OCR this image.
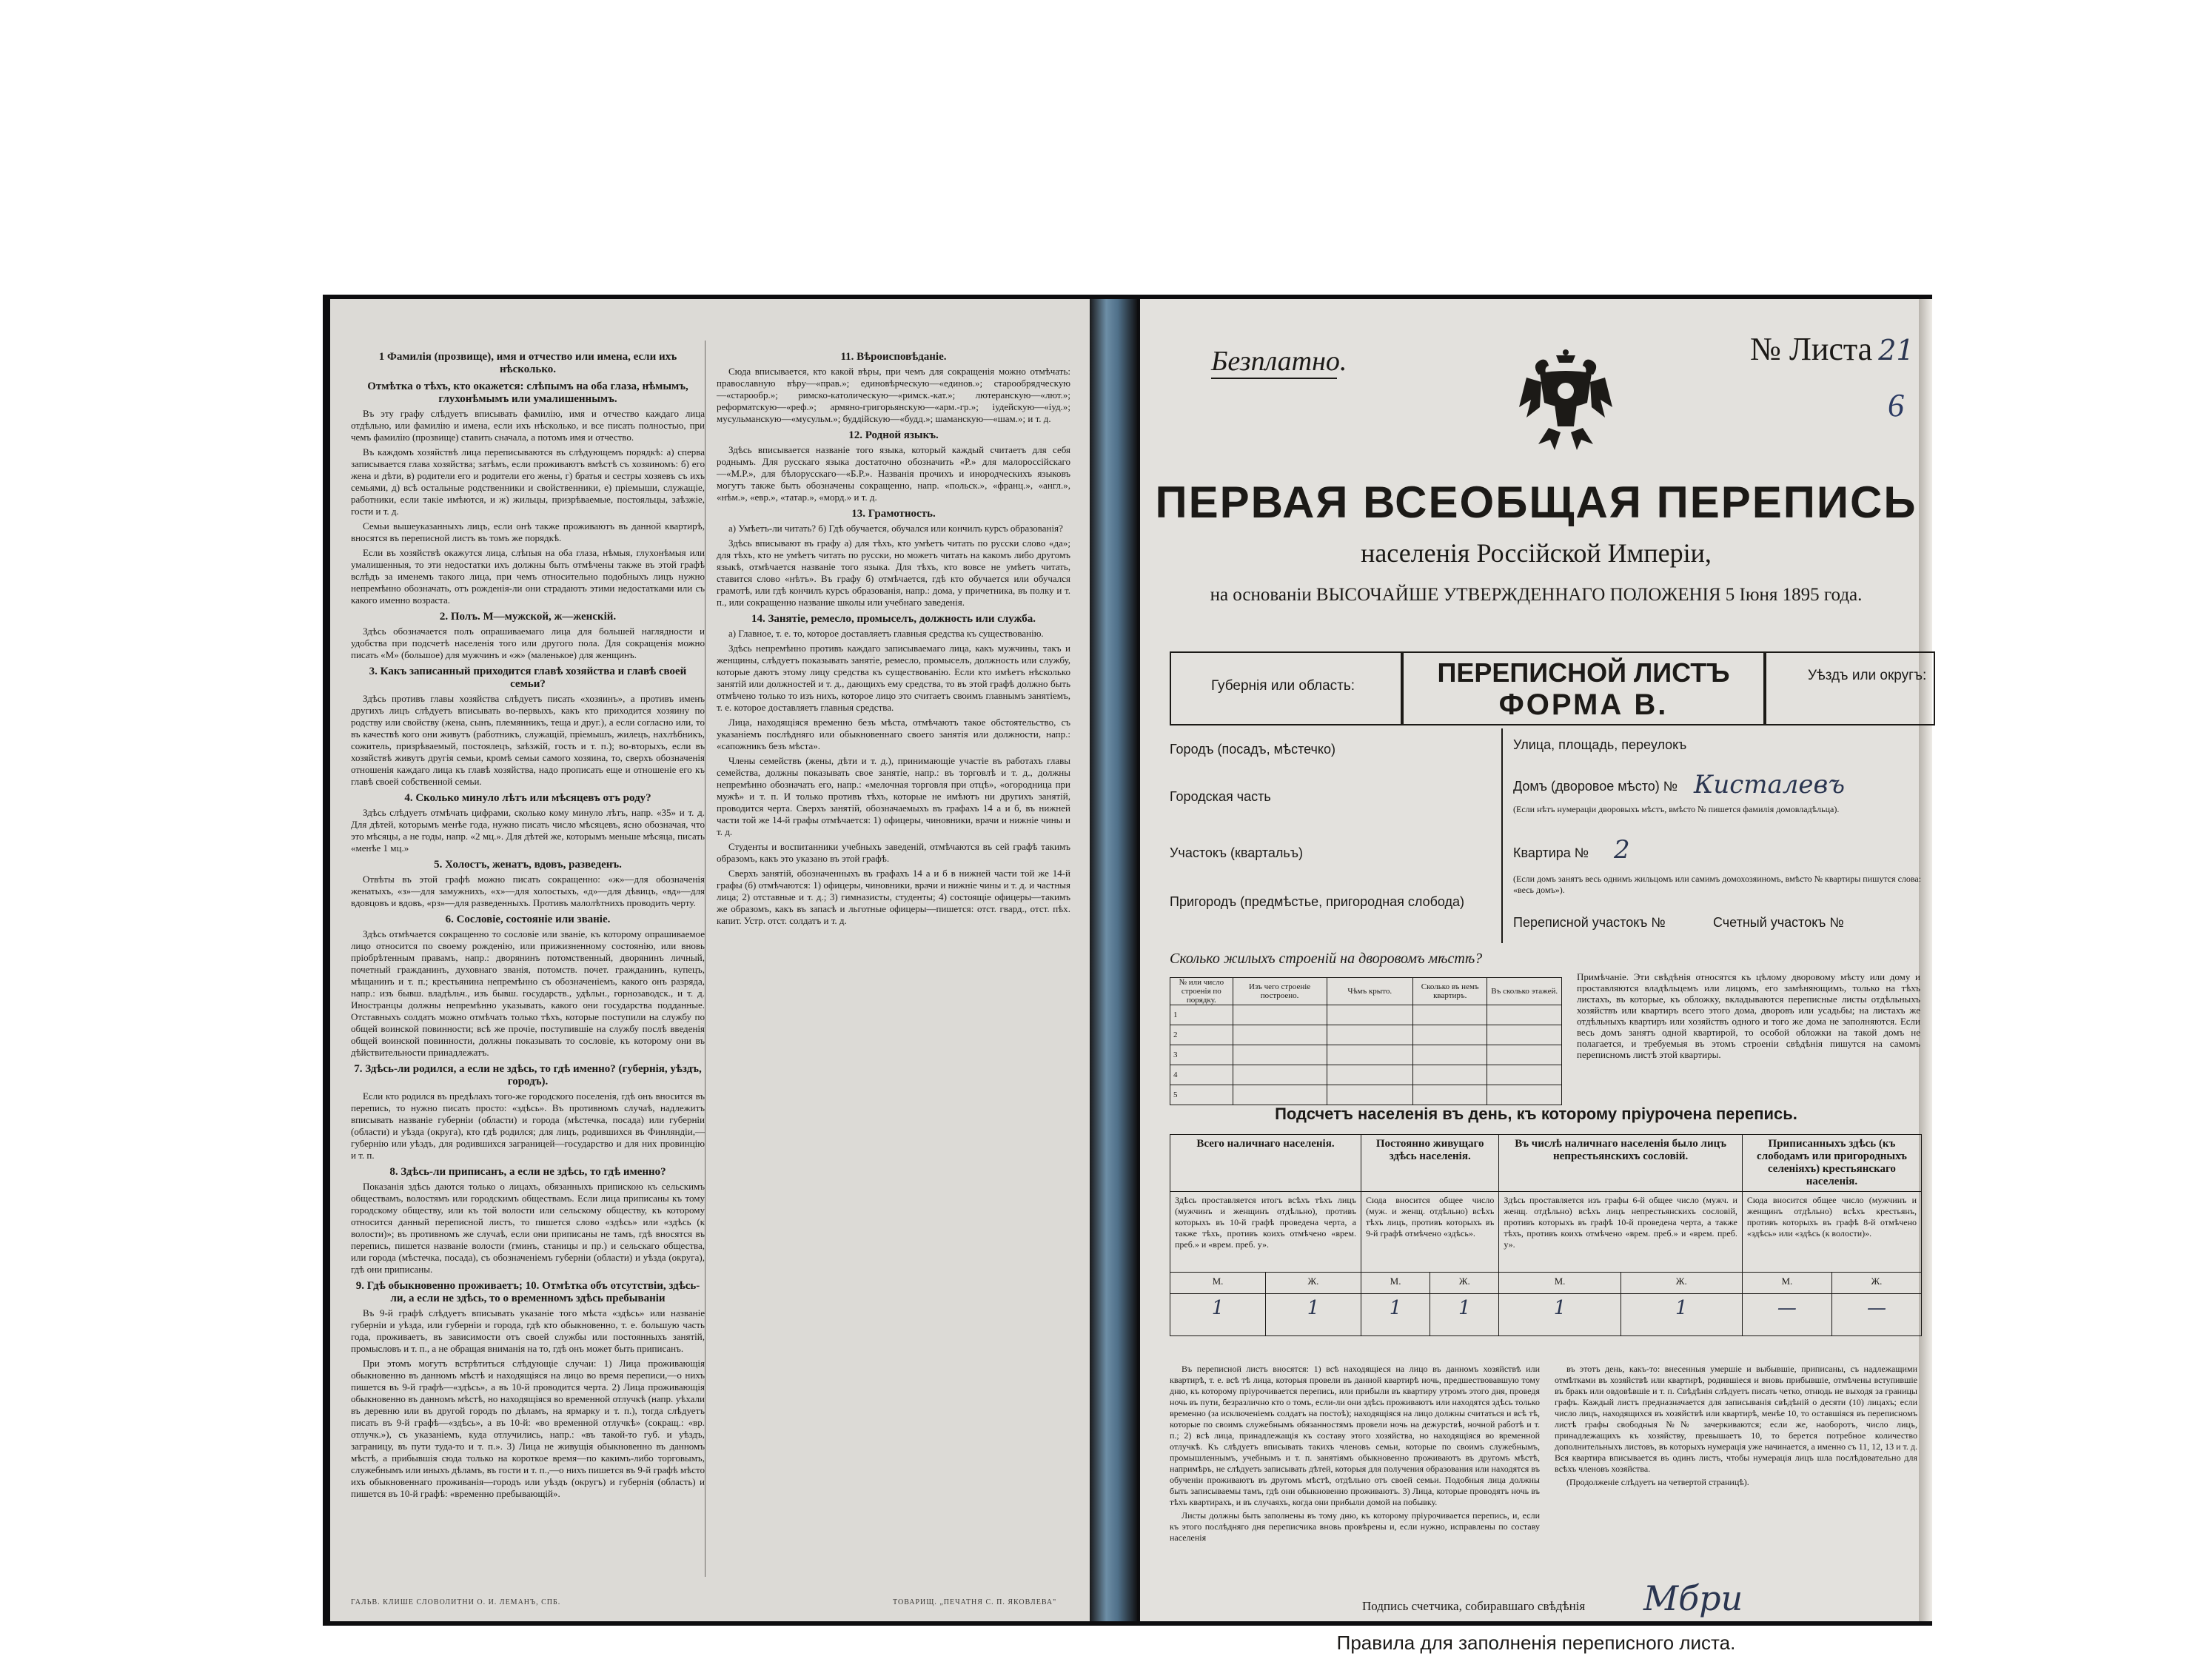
1 Фамилія (прозвище), имя и отчество или имена, если ихъ нѣсколько.
Отмѣтка о тѣхъ, кто окажется: слѣпымъ на оба глаза, нѣмымъ, глухонѣмымъ или умалишеннымъ.

Въ эту графу слѣдуетъ вписывать фамилію, имя и отчество каждаго лица отдѣльно, или фамилію и имена, если ихъ нѣсколько, и все писать полностью, при чемъ фамилію (прозвище) ставить сначала, а потомъ имя и отчество.

Въ каждомъ хозяйствѣ лица переписываются въ слѣдующемъ порядкѣ: а) сперва записывается глава хозяйства; затѣмъ, если проживаютъ вмѣстѣ съ хозяиномъ: б) его жена и дѣти, в) родители его и родители его жены, г) братья и сестры хозяевъ съ ихъ семьями, д) всѣ остальные родственники и свойственники, е) пріемыши, служащіе, работники, если такiе имѣются, и ж) жильцы, призрѣваемые, постояльцы, заѣзжіе, гости и т. д.

Семьи вышеуказанныхъ лицъ, если онѣ также проживаютъ въ данной квартирѣ, вносятся въ переписной листъ въ томъ же порядкѣ.

Если въ хозяйствѣ окажутся лица, слѣпыя на оба глаза, нѣмыя, глухонѣмыя или умалишенныя, то эти недостатки ихъ должны быть отмѣчены также въ этой графѣ вслѣдъ за именемъ такого лица, при чемъ относительно подобныхъ лицъ нужно непремѣнно обозначать, отъ рожденія-ли они страдаютъ этими недостатками или съ какого именно возраста.

2. Полъ. М—мужской, ж—женскій.

Здѣсь обозначается полъ опрашиваемаго лица для большей наглядности и удобства при подсчетѣ населенія того или другого пола. Для сокращенія можно писать «М» (большое) для мужчинъ и «ж» (маленькое) для женщинъ.

3. Какъ записанный приходится главѣ хозяйства и главѣ своей семьи?

Здѣсь противъ главы хозяйства слѣдуетъ писать «хозяинъ», а противъ именъ другихъ лицъ слѣдуетъ вписывать во-первыхъ, какъ кто приходится хозяину по родству или свойству (жена, сынъ, племянникъ, теща и друг.), а если согласно или, то въ качествѣ кого они живутъ (работникъ, служащій, пріемышъ, жилецъ, нахлѣбникъ, сожитель, призрѣваемый, постоялецъ, заѣзжій, гость и т. п.); во-вторыхъ, если въ хозяйствѣ живутъ другія семьи, кромѣ семьи самого хозяина, то, сверхъ обозначенія отношенія каждаго лица къ главѣ хозяйства, надо прописать еще и отношеніе его къ главѣ своей собственной семьи.

4. Сколько минуло лѣтъ или мѣсяцевъ отъ роду?

Здѣсь слѣдуетъ отмѣчать цифрами, сколько кому минуло лѣтъ, напр. «35» и т. д. Для дѣтей, которымъ менѣе года, нужно писать число мѣсяцевъ, ясно обозначая, что это мѣсяцы, а не годы, напр. «2 мц.». Для дѣтей же, которымъ меньше мѣсяца, писать «менѣе 1 мц.»

5. Холостъ, женатъ, вдовъ, разведенъ.

Отвѣты въ этой графѣ можно писать сокращенно: «ж»—для обозначенія женатыхъ, «з»—для замужнихъ, «х»—для холостыхъ, «д»—для дѣвицъ, «вд»—для вдовцовъ и вдовъ, «рз»—для разведенныхъ. Противъ малолѣтнихъ проводить черту.

6. Сословіе, состояніе или званіе.

Здѣсь отмѣчается сокращенно то сословіе или званіе, къ которому опрашиваемое лицо относится по своему рожденію, или прижизненному состоянію, или вновь пріобрѣтенным правамъ, напр.: дворянинъ потомственный, дворянинъ личный, почетный гражданинъ, духовнаго званія, потомств. почет. гражданинъ, купецъ, мѣщанинъ и т. п.; крестьянина непремѣнно съ обозначеніемъ, какого онъ разряда, напр.: изъ бывш. владѣльч., изъ бывш. государств., удѣльн., горнозаводск., и т. д. Иностранцы должны непремѣнно указывать, какого они государства подданные. Отставныхъ солдатъ можно отмѣчать только тѣхъ, которые поступили на службу по общей воинской повинности; всѣ же прочіе, поступившіе на службу послѣ введенія общей воинской повинности, должны показывать то сословіе, къ которому они въ дѣйствительности принадлежатъ.

7. Здѣсь-ли родился, а если не здѣсь, то гдѣ именно? (губернія, уѣздъ, городъ).

Если кто родился въ предѣлахъ того-же городского поселенія, гдѣ онъ вносится въ перепись, то нужно писать просто: «здѣсь». Въ противномъ случаѣ, надлежитъ вписывать названіе губерніи (области) и города (мѣстечка, посада) или губерніи (области) и уѣзда (округа), кто гдѣ родился; для лицъ, родившихся въ Финляндіи,—губернію или уѣздъ, для родившихся заграницей—государство и для них провинцію и т. п.

8. Здѣсь-ли приписанъ, а если не здѣсь, то гдѣ именно?

Показанія здѣсь даются только о лицахъ, обязанныхъ припискою къ сельскимъ обществамъ, волостямъ или городскимъ обществамъ. Если лица приписаны къ тому городскому обществу, или къ той волости или сельскому обществу, къ которому относится данный переписной листъ, то пишется слово «здѣсь» или «здѣсь (к волости)»; въ противномъ же случаѣ, если они приписаны не тамъ, гдѣ вносятся въ перепись, пишется названіе волости (гминъ, станицы и пр.) и сельскаго общества, или города (мѣстечка, посада), съ обозначеніемъ губерніи (области) и уѣзда (округа), гдѣ они приписаны.

9. Гдѣ обыкновенно проживаетъ; 10. Отмѣтка объ отсутствіи, здѣсь-ли, а если не здѣсь, то о временномъ здѣсь пребываніи

Въ 9-й графѣ слѣдуетъ вписывать указаніе того мѣста «здѣсь» или названіе губерніи и уѣзда, или губерніи и города, гдѣ кто обыкновенно, т. е. большую часть года, проживаетъ, въ зависимости отъ своей службы или постоянныхъ занятій, промысловъ и т. п., а не обращая вниманія на то, гдѣ онъ может быть приписанъ.

При этомъ могутъ встрѣтиться слѣдующіе случаи: 1) Лица проживающія обыкновенно въ данномъ мѣстѣ и находящіяся на лицо во время переписи,—о нихъ пишется въ 9-й графѣ—«здѣсь», а въ 10-й проводится черта. 2) Лица проживающія обыкновенно въ данномъ мѣстѣ, но находящіяся во временной отлучкѣ (напр. уѣхали въ деревню или въ другой городъ по дѣламъ, на ярмарку и т. п.), тогда слѣдуетъ писать въ 9-й графѣ—«здѣсь», а въ 10-й: «во временной отлучкѣ» (сокращ.: «вр. отлучк.»), съ указаніемъ, куда отлучились, напр.: «въ такой-то губ. и уѣздъ, заграницу, въ пути туда-то и т. п.». 3) Лица не живущія обыкновенно въ данномъ мѣстѣ, а прибывшія сюда только на короткое время—по какимъ-либо торговымъ, служебнымъ или иныхъ дѣламъ, въ гости и т. п.,—о нихъ пишется въ 9-й графѣ мѣсто ихъ обыкновеннаго проживанія—городъ или уѣздъ (округъ) и губернія (область) и пишется въ 10-й графѣ: «временно пребывающій».

11. Вѣроисповѣданіе.

Сюда вписывается, кто какой вѣры, при чемъ для сокращенія можно отмѣчать: православную вѣру—«прав.»; единовѣрческую—«единов.»; старообрядческую—«старообр.»; римско-католическую—«римск.-кат.»; лютеранскую—«лют.»; реформатскую—«реф.»; армяно-григорьянскую—«арм.-гр.»; іудейскую—«іуд.»; мусульманскую—«мусульм.»; буддійскую—«будд.»; шаманскую—«шам.»; и т. д.

12. Родной языкъ.

Здѣсь вписывается названіе того языка, который каждый считаетъ для себя роднымъ. Для русскаго языка достаточно обозначить «Р.» для малороссійскаго—«М.Р.», для бѣлорусскаго—«Б.Р.». Названія прочихъ и инородческихъ языковъ могутъ также быть обозначены сокращенно, напр. «польск.», «франц.», «англ.», «нѣм.», «евр.», «татар.», «морд.» и т. д.

13. Грамотность.

а) Умѣетъ-ли читать? б) Гдѣ обучается, обучался или кончилъ курсъ образованія?

Здѣсь вписывают въ графу а) для тѣхъ, кто умѣетъ читать по русски слово «да»; для тѣхъ, кто не умѣетъ читать по русски, но можетъ читать на какомъ либо другомъ языкѣ, отмѣчается названіе того языка. Для тѣхъ, кто вовсе не умѣетъ читать, ставится слово «нѣтъ». Въ графу б) отмѣчается, гдѣ кто обучается или обучался грамотѣ, или гдѣ кончилъ курсъ образованія, напр.: дома, у причетника, въ полку и т. п., или сокращенно название школы или учебнаго заведенія.

14. Занятіе, ремесло, промыселъ, должность или служба.

а) Главное, т. е. то, которое доставляетъ главныя средства къ существованію.

Здѣсь непремѣнно противъ каждаго записываемаго лица, какъ мужчины, такъ и женщины, слѣдуетъ показывать занятіе, ремесло, промыселъ, должность или службу, которые даютъ этому лицу средства къ существованію. Если кто имѣетъ нѣсколько занятій или должностей и т. д., дающихъ ему средства, то въ этой графѣ должно быть отмѣчено только то изъ нихъ, которое лицо это считаетъ своимъ главнымъ занятіемъ, т. е. которое доставляетъ главныя средства.

Лица, находящіяся временно безъ мѣста, отмѣчаютъ такое обстоятельство, съ указаніемъ послѣдняго или обыкновеннаго своего занятія или должности, напр.: «сапожникъ безъ мѣста».

Члены семействъ (жены, дѣти и т. д.), принимающіе участіе въ работахъ главы семейства, должны показывать свое занятіе, напр.: въ торговлѣ и т. д., должны непремѣнно обозначать его, напр.: «мелочная торговля при отцѣ», «огородница при мужѣ» и т. п. И только противъ тѣхъ, которые не имѣютъ ни другихъ занятій, проводится черта. Сверхъ занятій, обозначаемыхъ въ графахъ 14 а и б, въ нижней части той же 14-й графы отмѣчается: 1) офицеры, чиновники, врачи и нижніе чины и т. д.

Студенты и воспитанники учебныхъ заведеній, отмѣчаются въ сей графѣ такимъ образомъ, какъ это указано въ этой графѣ.

Сверхъ занятій, обозначенныхъ въ графахъ 14 а и б в нижней части той же 14-й графы (б) отмѣчаются: 1) офицеры, чиновники, врачи и нижніе чины и т. д. и частныя лица; 2) отставные и т. д.; 3) гимназисты, студенты; 4) состоящіе офицеры—такимъ же образомъ, какъ въ запасѣ и льготные офицеры—пишется: отст. гвард., отст. пѣх. капит. Устр. отст. солдатъ и т. д.

ГАЛЬВ. КЛИШЕ СЛОВОЛИТНИ О. И. ЛЕМАНЪ, СПБ.	ТОВАРИЩ. „ПЕЧАТНЯ С. П. ЯКОВЛЕВА"
Безплатно.	№ Листа 21
6
ПЕРВАЯ ВСЕОБЩАЯ ПЕРЕПИСЬ
населенія Россійской Имперіи,
на основаніи ВЫСОЧАЙШЕ УТВЕРЖДЕННАГО ПОЛОЖЕНІЯ 5 Іюня 1895 года.
Губернія или область:	ПЕРЕПИСНОЙ ЛИСТЪ
ФОРМА В.
Уѣздъ или округъ:
Городъ (посадъ, мѣстечко)
Городская часть
Участокъ (квартальъ)
Пригородъ (предмѣстье, пригородная слобода)
Улица, площадь, переулокъ
Домъ (дворовое мѣсто) № Кисталевъ
(Если нѣтъ нумераціи дворовыхъ мѣстъ, вмѣсто № пишется фамилія домовладѣльца).
Квартира № 2
(Если домъ занятъ весь однимъ жильцомъ или самимъ домохозяиномъ, вмѣсто № квартиры пишутся слова: «весь домъ»).
Переписной участокъ №	Счетный участокъ №
Сколько жилыхъ строеній на дворовомъ мѣстѣ?
№ или число строенія по порядку.	Изъ чего строеніе построено.	Чѣмъ крыто.	Сколько въ немъ квартиръ.	Въ сколько этажей.
1				
2				
3				
4				
5				
Примѣчаніе. Эти свѣдѣнія относятся къ цѣлому дворовому мѣсту или дому и проставляются владѣльцемъ или лицомъ, его замѣняющимъ, только на тѣхъ листахъ, въ которые, къ обложку, вкладываются переписные листы отдѣльныхъ хозяйствъ или квартиръ всего этого дома, дворовъ или усадьбы; на листахъ же отдѣльныхъ квартиръ или хозяйствъ одного и того же дома не заполняются. Если весь домъ занятъ одной квартирой, то особой обложки на такой домъ не полагается, и требуемыя въ этомъ строеніи свѣдѣнія пишутся на самомъ переписномъ листѣ этой квартиры.
Подсчетъ населенія въ день, къ которому пріурочена перепись.
Всего наличнаго населенія.		Постоянно живущаго здѣсь населенія.		Въ числѣ наличнаго населенія было лицъ непрестьянскихъ сословій.		Приписанныхъ здѣсь (къ слободамъ или пригородныхъ селеніяхъ) крестьянскаго населенія.	
Здѣсь проставляется итогъ всѣхъ тѣхъ лицъ (мужчинъ и женщинъ отдѣльно), противъ которыхъ въ 10-й графѣ проведена черта, а также тѣхъ, противъ коихъ отмѣчено «врем. преб.» и «врем. преб. у».		Сюда вносится общее число (муж. и женщ. отдѣльно) всѣхъ тѣхъ лицъ, противъ которыхъ въ 9-й графѣ отмѣчено «здѣсь».		Здѣсь проставляется изъ графы 6-й общее число (мужч. и женщ. отдѣльно) всѣхъ лицъ непрестьянскихъ сословій, противъ которыхъ въ графѣ 10-й проведена черта, а также тѣхъ, противъ коихъ отмѣчено «врем. преб.» и «врем. преб. у».		Сюда вносится общее число (мужчинъ и женщинъ отдѣльно) всѣхъ крестьянъ, противъ которыхъ въ графѣ 8-й отмѣчено «здѣсь» или «здѣсь (к волости)».	
М.	Ж.	М.	Ж.	М.	Ж.	М.	Ж.
1	1	1	1	1	1	—	—
Подпись счетчика, собиравшаго свѣдѣнія Мбри
Правила для заполненія переписного листа.

Въ переписной листъ вносятся: 1) всѣ находящіеся на лицо въ данномъ хозяйствѣ или квартирѣ, т. е. всѣ тѣ лица, которыя провели въ данной квартирѣ ночь, предшествовавшую тому дню, къ которому пріурочивается перепись, или прибыли въ квартиру утромъ этого дня, проведя ночь въ пути, безразлично кто о томъ, если-ли они здѣсь проживаютъ или находятся здѣсь только временно (за исключеніемъ солдатъ на постоѣ); находящіяся на лицо должны считаться и всѣ тѣ, которые по своимъ служебнымъ обязанностямъ провели ночь на дежурствѣ, ночной работѣ и т. п.; 2) всѣ лица, принадлежащія къ составу этого хозяйства, но находящіяся во временной отлучкѣ. Къ слѣдуетъ вписывать такихъ членовъ семьи, которые по своимъ служебнымъ, промышленнымъ, учебнымъ и т. п. занятіямъ обыкновенно проживаютъ въ другомъ мѣстѣ, напримѣръ, не слѣдуетъ записывать дѣтей, которыя для получения образования или находятся въ обученіи проживаютъ въ другомъ мѣстѣ, отдѣльно отъ своей семьи. Подобныя лица должны быть записываемы тамъ, гдѣ они обыкновенно проживаютъ. 3) Лица, которые проводятъ ночь въ тѣхъ квартирахъ, и въ случаяхъ, когда они прибыли домой на побывку.

Листы должны быть заполнены въ тому дню, къ которому пріурочивается перепись, и, если къ этого послѣдняго дня переписчика вновь провѣрены и, если нужно, исправлены по составу населенія

въ этотъ день, какъ-то: внесенныя умершіе и выбывшіе, приписаны, съ надлежащими отмѣтками въ хозяйствѣ или квартирѣ, родившіеся и вновь прибывшіе, отмѣчены вступившіе въ бракъ или овдовѣвшіе и т. п. Свѣдѣнія слѣдуетъ писать четко, отнюдь не выходя за границы графъ. Каждый листъ предназначается для записыванія свѣдѣній о десяти (10) лицахъ; если число лицъ, находящихся въ хозяйствѣ или квартирѣ, менѣе 10, то оставшіяся въ переписномъ листѣ графы свободныя №№ зачеркиваются; если же, наоборотъ, число лицъ, принадлежащихъ къ хозяйству, превышаетъ 10, то берется потребное количество дополнительныхъ листовъ, въ которыхъ нумерація уже начинается, а именно съ 11, 12, 13 и т. д. Вся квартира вписывается въ одинъ листъ, чтобы нумерація лицъ шла послѣдовательно для всѣхъ членовъ хозяйства.

(Продолженіе слѣдуетъ на четвертой страницѣ).
